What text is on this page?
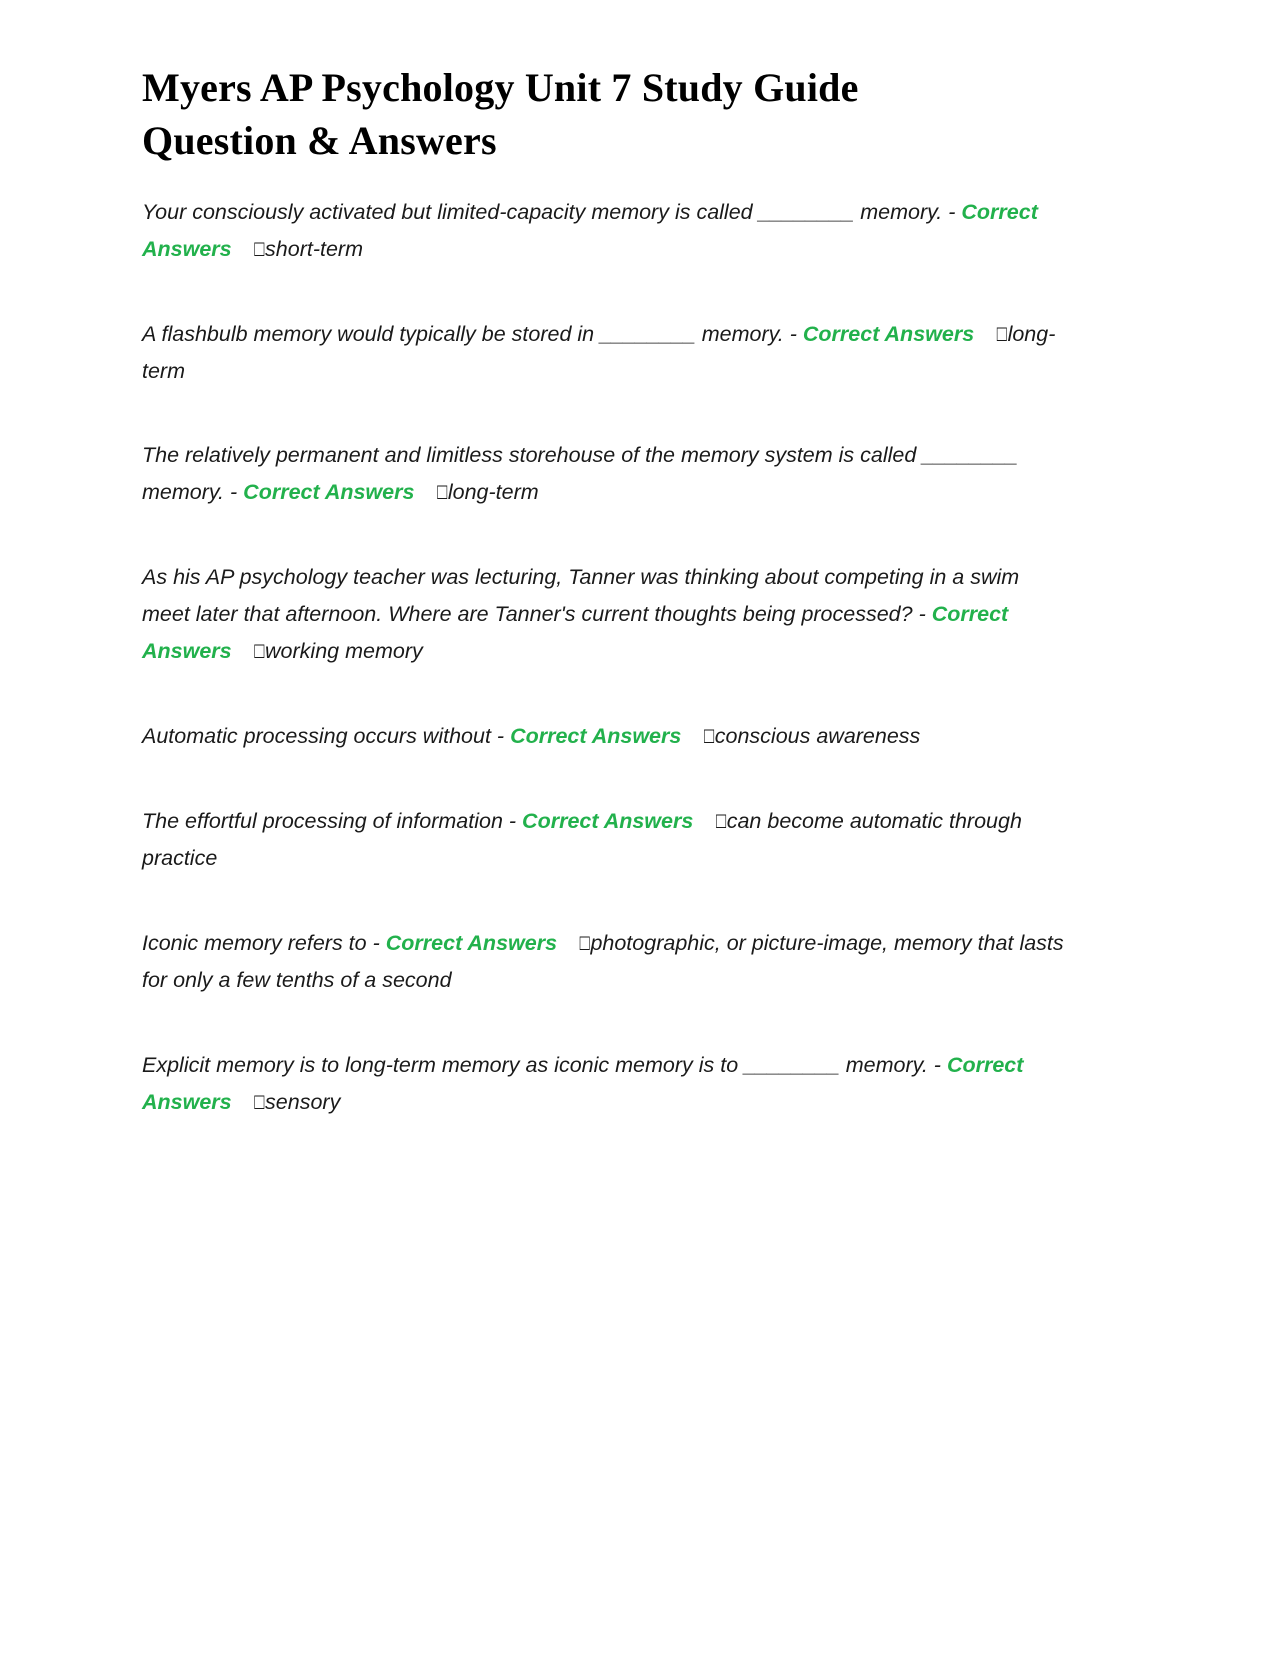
Myers AP Psychology Unit 7 Study Guide Question & Answers
Your consciously activated but limited-capacity memory is called ________ memory. - Correct Answers ⎕short-term
A flashbulb memory would typically be stored in ________ memory. - Correct Answers ⎕long-term
The relatively permanent and limitless storehouse of the memory system is called ________ memory. - Correct Answers ⎕long-term
As his AP psychology teacher was lecturing, Tanner was thinking about competing in a swim meet later that afternoon. Where are Tanner's current thoughts being processed? - Correct Answers ⎕working memory
Automatic processing occurs without - Correct Answers ⎕conscious awareness
The effortful processing of information - Correct Answers ⎕can become automatic through practice
Iconic memory refers to - Correct Answers ⎕photographic, or picture-image, memory that lasts for only a few tenths of a second
Explicit memory is to long-term memory as iconic memory is to ________ memory. - Correct Answers ⎕sensory
